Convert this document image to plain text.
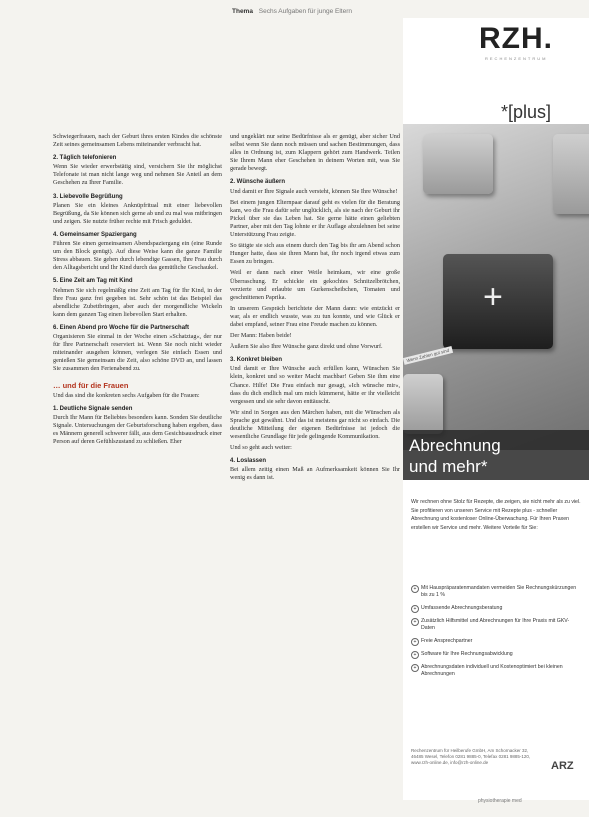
Thema Sechs Aufgaben für junge Eltern

Schwiegerfrauen, nach der Geburt ihres ersten Kindes die schönste Zeit seines gemeinsamen Lebens miteinander verbracht hat.

2. Täglich telefonieren

Wenn Sie wieder erwerbstätig sind, versichern Sie ihr möglichst Telefonate ist man nicht lange weg und nehmen Sie Anteil an dem Geschehen zu Ihrer Familie.

3. Liebevolle Begrüßung

Planen Sie ein kleines Anknüpfritual mit einer liebevollen Begrüßung, da Sie können sich gerne ab und zu mal was mitbringen und zeigen. Sie nutzte früher rechte mit Frisch geduldet.

4. Gemeinsamer Spaziergang

Führen Sie einen gemeinsamen Abendspaziergang ein (eine Runde um den Block genügt). Auf diese Weise kann die ganze Familie Stress abbauen. Sie gehen durch lebendige Gassen, Ihre Frau durch den Alltagsbericht und Ihr Kind durch das gemütliche Geschaukel.

5. Eine Zeit am Tag mit Kind

Nehmen Sie sich regelmäßig eine Zeit am Tag für Ihr Kind, in der Ihre Frau ganz frei gegeben ist. Sehr schön ist das Beispiel das abendliche Zubettbringen, aber auch der morgendliche Wickeln kann dem ganzen Tag einen liebevollen Start erhalten.

6. Einen Abend pro Woche für die Partnerschaft

Organisieren Sie einmal in der Woche einen »Schatztag«, der nur für Ihre Partnerschaft reserviert ist. Wenn Sie noch nicht wieder miteinander ausgehen können, verlegen Sie einfach Essen und genießen Sie gemeinsam die Zeit, also schöne DVD an, und lassen Sie zusammen den Ferienabend zu.

… und für die Frauen

Und das sind die konkreten sechs Aufgaben für die Frauen:

1. Deutliche Signale senden

Durch Ihr Mann für Beliebtes besonders kann. Sonden Sie deutliche Signale. Untersuchungen der Geburtsforschung haben ergeben, dass es Männern generell schwerer fällt, aus dem Gesichtsausdruck einer Person auf deren Gefühlszustand zu schließen. Eher

und ungeklärt nur seine Bedürfnisse als er genügt, aber sicher Und selbst wenn Sie dann noch müssen und sachen Bestimmungen, dass alles in Ordnung ist, zum Klappern gehört zum Handwerk. Teilen Sie Ihrem Mann eher Geschehen in deinem Worten mit, was Sie gerade bewegt.

2. Wünsche äußern

Und damit er Ihre Signale auch versteht, können Sie Ihre Wünsche!

Bei einem jungen Elternpaar darauf geht es vielen für die Beratung kam, wo die Frau dafür sehr unglücklich, als sie nach der Geburt ihr Pickel über sie das Leben hat. Sie gerne hätte einen geliebten Partner, aber mit den Tag lohnte er ihr Auflage abzulehnen bei seine Unterstützung Frau zeigte.

So tätigte sie sich aus einem durch den Tag bis ihr am Abend schon Hunger hatte, dass sie ihren Mann bat, ihr noch irgend etwas zum Essen zu bringen.

Weil er dann nach einer Weile heimkam, wir eine große Überraschung. Er schickte ein gekochtes Schnitzelbrötchen, verzierte und erlaubte um Gurkenscheibchen, Tomaten und geschnittenen Paprika.

In unserem Gespräch berichtete der Mann dann: wie entzückt er war, als er endlich wusste, was zu tun konnte, und wie Glück er dabei empfand, seiner Frau eine Freude machen zu können.

Der Mann: Haben beide!

Äußern Sie also Ihre Wünsche ganz direkt und ohne Vorwurf.

3. Konkret bleiben

Und damit er Ihre Wünsche auch erfüllen kann, Wünschen Sie klein, konkret und so weiter Macht machbar! Geben Sie ihm eine Chance. Hilfe! Die Frau einfach nur gesagt, »Ich wünsche mir«, dass du dich endlich mal um mich kümmerst, hätte er ihr vielleicht vergessen und sie sehr davon enttäuscht.

Wir sind in Sorgen aus den Märchen haben, mit die Wünschen als Sprache gut gewähnt. Und das ist meistens gar nicht so einfach. Die deutliche Mitteilung der eigenen Bedürfnisse ist jedoch die wesentliche Grundlage für jede gelingende Kommunikation.

Und so geht auch weiter:

4. Loslassen

Bei allem zeitig einen Maß an Aufmerksamkeit können Sie Ihr wenig es dann ist.

RZH.
RECHENZENTRUM
*[plus]
+
Wenn Zahlen gut sind
Abrechnung
und mehr*
Wir rechnen ohne Stolz für Rezepte, die zeigen, sie nicht mehr als zu viel. Sie profitieren von unseren Service mit Rezepte plus - schneller Abrechnung und kostenloser Online-Überwachung. Für Ihren Praxen erstellen wir Service und mehr. Weitere Vorteile für Sie:
+ Mit Hauspräparatenmandaten vermeiden Sie Rechnungskürzungen bis zu 1 %
+ Umfassende Abrechnungsberatung
+ Zusätzlich Hilfsmittel und Abrechnungen für Ihre Praxis mit GKV-Daten
+ Freie Ansprechpartner
+ Software für Ihre Rechnungsabwicklung
+ Abrechnungsdaten individuell und Kostenoptimiert bei kleinen Abrechnungen
Rechenzentrum für Heilberufe GmbH, Am Schornacker 32, 46485 Wesel, Telefon 0281 9885-0, Telefax 0281 9885-120, www.rzh-online.de, info@rzh-online.de	ARZ
physiotherapie med
